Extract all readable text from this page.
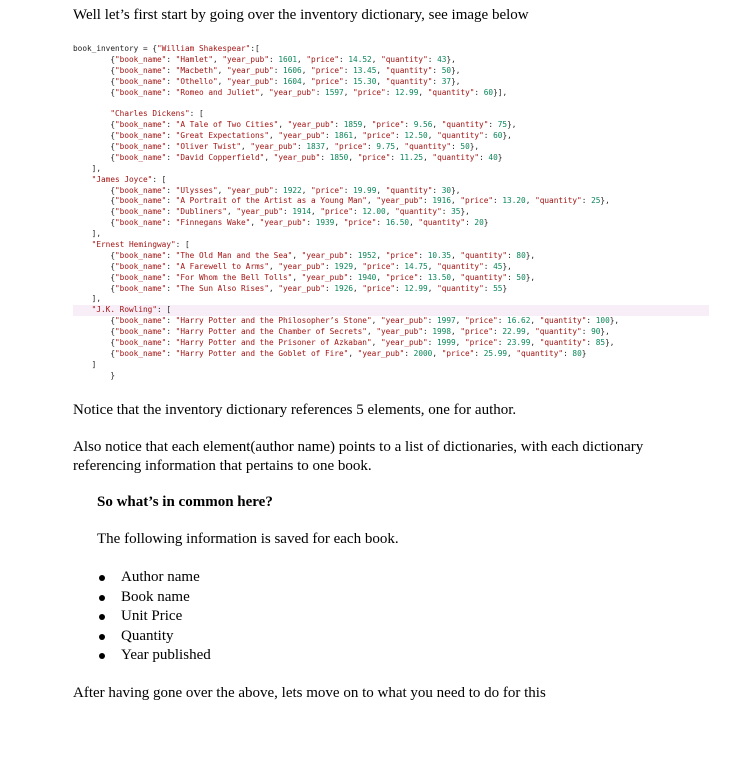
Well let’s first start by going over the inventory dictionary, see image below

book_inventory = {"William Shakespear":[
{"book_name": "Hamlet", "year_pub": 1601, "price": 14.52, "quantity": 43},
{"book_name": "Macbeth", "year_pub": 1606, "price": 13.45, "quantity": 50},
{"book_name": "Othello", "year_pub": 1604, "price": 15.30, "quantity": 37},
{"book_name": "Romeo and Juliet", "year_pub": 1597, "price": 12.99, "quantity": 60}],
"Charles Dickens": [
{"book_name": "A Tale of Two Cities", "year_pub": 1859, "price": 9.56, "quantity": 75},
{"book_name": "Great Expectations", "year_pub": 1861, "price": 12.50, "quantity": 60},
{"book_name": "Oliver Twist", "year_pub": 1837, "price": 9.75, "quantity": 50},
{"book_name": "David Copperfield", "year_pub": 1850, "price": 11.25, "quantity": 40}
],
"James Joyce": [
{"book_name": "Ulysses", "year_pub": 1922, "price": 19.99, "quantity": 30},
{"book_name": "A Portrait of the Artist as a Young Man", "year_pub": 1916, "price": 13.20, "quantity": 25},
{"book_name": "Dubliners", "year_pub": 1914, "price": 12.00, "quantity": 35},
{"book_name": "Finnegans Wake", "year_pub": 1939, "price": 16.50, "quantity": 20}
],
"Ernest Hemingway": [
{"book_name": "The Old Man and the Sea", "year_pub": 1952, "price": 10.35, "quantity": 80},
{"book_name": "A Farewell to Arms", "year_pub": 1929, "price": 14.75, "quantity": 45},
{"book_name": "For Whom the Bell Tolls", "year_pub": 1940, "price": 13.50, "quantity": 50},
{"book_name": "The Sun Also Rises", "year_pub": 1926, "price": 12.99, "quantity": 55}
],
"J.K. Rowling": [
{"book_name": "Harry Potter and the Philosopher’s Stone", "year_pub": 1997, "price": 16.62, "quantity": 100},
{"book_name": "Harry Potter and the Chamber of Secrets", "year_pub": 1998, "price": 22.99, "quantity": 90},
{"book_name": "Harry Potter and the Prisoner of Azkaban", "year_pub": 1999, "price": 23.99, "quantity": 85},
{"book_name": "Harry Potter and the Goblet of Fire", "year_pub": 2000, "price": 25.99, "quantity": 80}
]
}

Notice that the inventory dictionary references 5 elements, one for author.

Also notice that each element(author name) points to a list of dictionaries, with each dictionary referencing information that pertains to one book.

So what’s in common here?

The following information is saved for each book.

Author name
Book name
Unit Price
Quantity
Year published

After having gone over the above, lets move on to what you need to do for this
